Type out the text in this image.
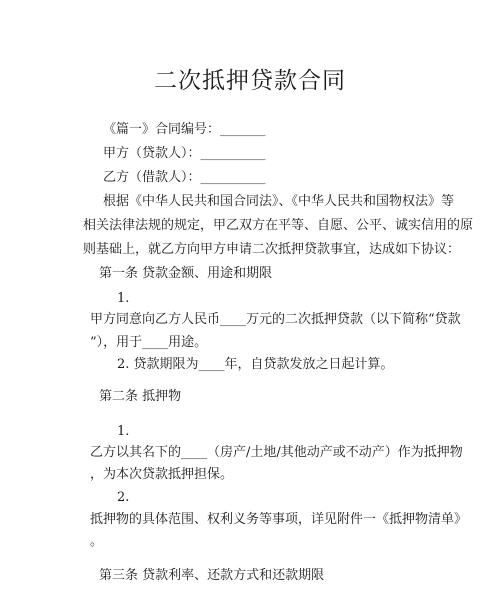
二次抵押贷款合同
《篇一》合同编号：_______
甲方（贷款人）：__________
乙方（借款人）：__________
根据《中华人民共和国合同法》、《中华人民共和国物权法》等
相关法律法规的规定，甲乙双方在平等、自愿、公平、诚实信用的原
则基础上，就乙方向甲方申请二次抵押贷款事宜，达成如下协议：
第一条 贷款金额、用途和期限
1.
甲方同意向乙方人民币____万元的二次抵押贷款（以下简称“贷款
”），用于____用途。
2. 贷款期限为____年，自贷款发放之日起计算。
第二条 抵押物
1.
乙方以其名下的____（房产/土地/其他动产或不动产）作为抵押物
，为本次贷款抵押担保。
2.
抵押物的具体范围、权利义务等事项，详见附件一《抵押物清单》
。
第三条 贷款利率、还款方式和还款期限
